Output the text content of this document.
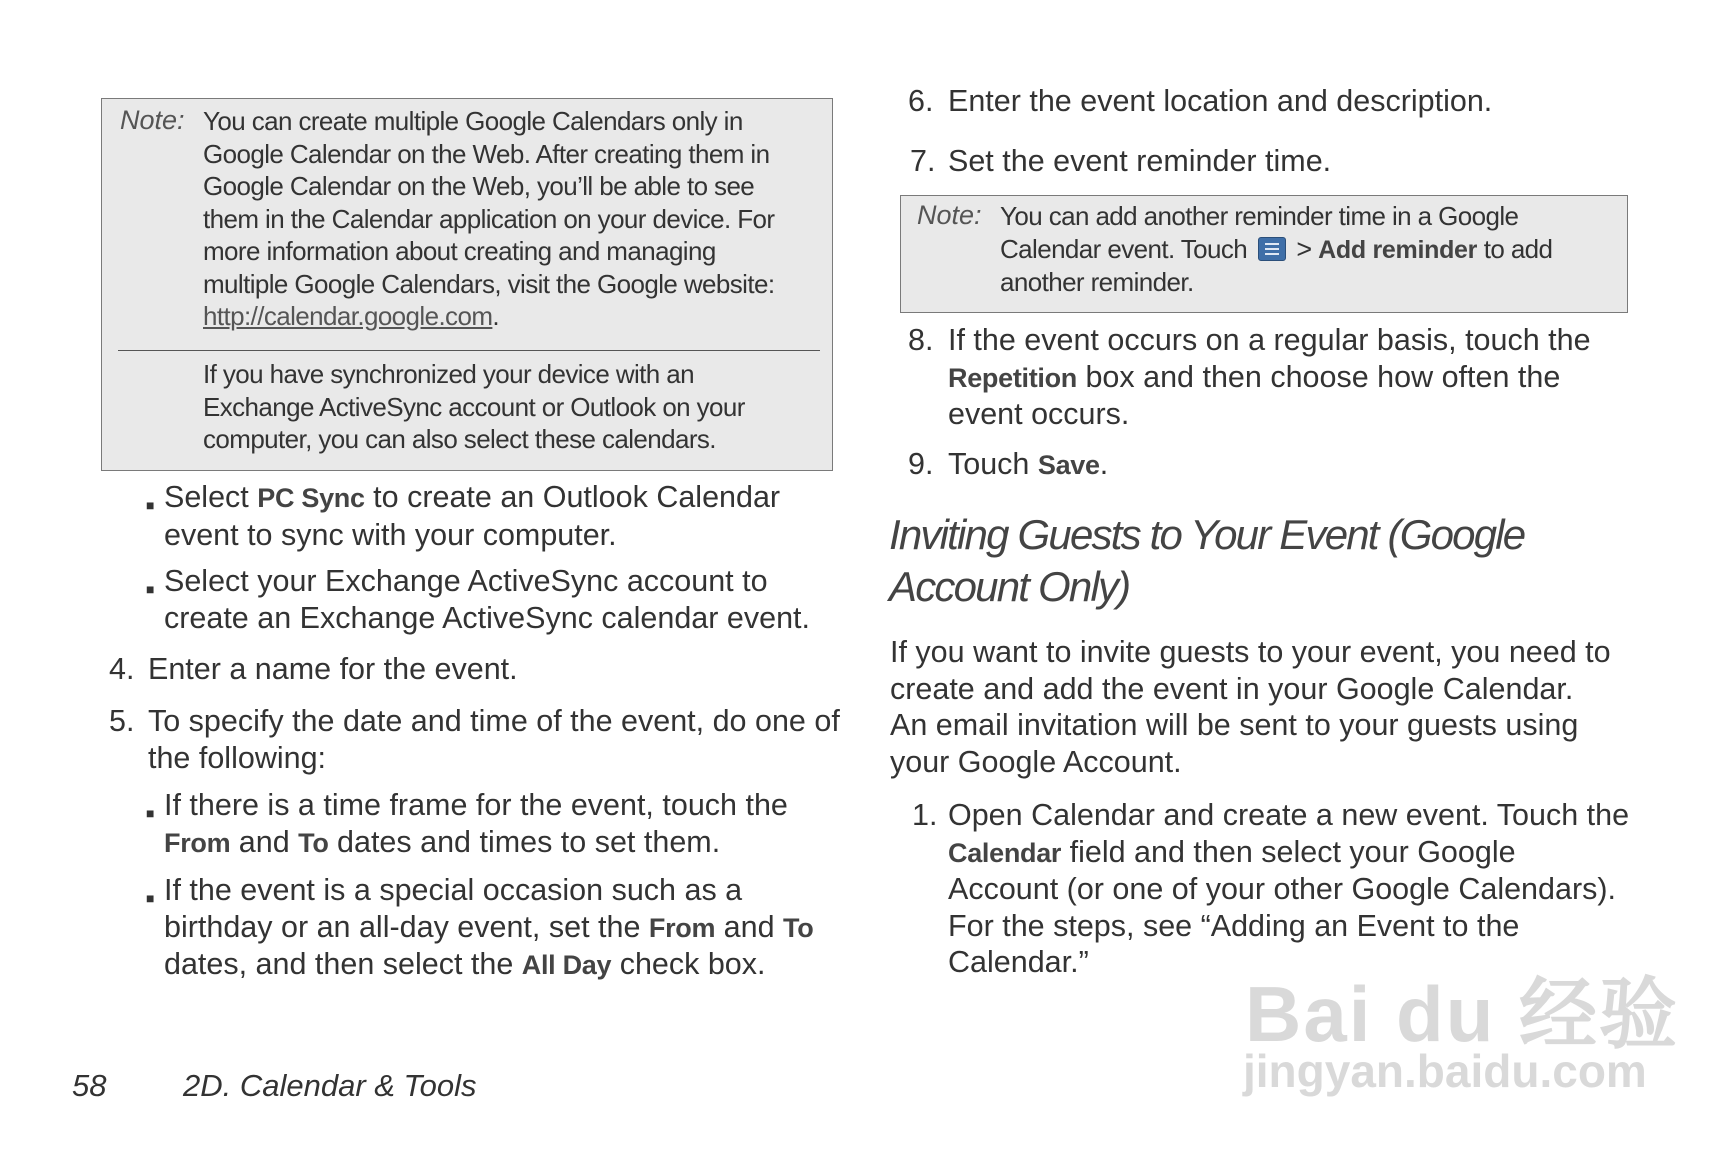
Note: You can create multiple Google Calendars only in
Google Calendar on the Web. After creating them in
Google Calendar on the Web, you’ll be able to see
them in the Calendar application on your device. For
more information about creating and managing
multiple Google Calendars, visit the Google website:
http://calendar.google.com.
If you have synchronized your device with an
Exchange ActiveSync account or Outlook on your
computer, you can also select these calendars.
■ Select PC Sync to create an Outlook Calendar
event to sync with your computer.
■ Select your Exchange ActiveSync account to
create an Exchange ActiveSync calendar event.
4. Enter a name for the event.
5. To specify the date and time of the event, do one of
the following:
■ If there is a time frame for the event, touch the
From and To dates and times to set them.
■ If the event is a special occasion such as a
birthday or an all-day event, set the From and To
dates, and then select the All Day check box.
6. Enter the event location and description.
7. Set the event reminder time.
Note: You can add another reminder time in a Google
Calendar event. Touch > Add reminder to add
another reminder.
8. If the event occurs on a regular basis, touch the
Repetition box and then choose how often the
event occurs.
9. Touch Save.
Inviting Guests to Your Event (Google
Account Only)
If you want to invite guests to your event, you need to
create and add the event in your Google Calendar.
An email invitation will be sent to your guests using
your Google Account.
1. Open Calendar and create a new event. Touch the
Calendar field and then select your Google
Account (or one of your other Google Calendars).
For the steps, see “Adding an Event to the
Calendar.”
58 2D. Calendar & Tools
Bai du 经验
jingyan.baidu.com
